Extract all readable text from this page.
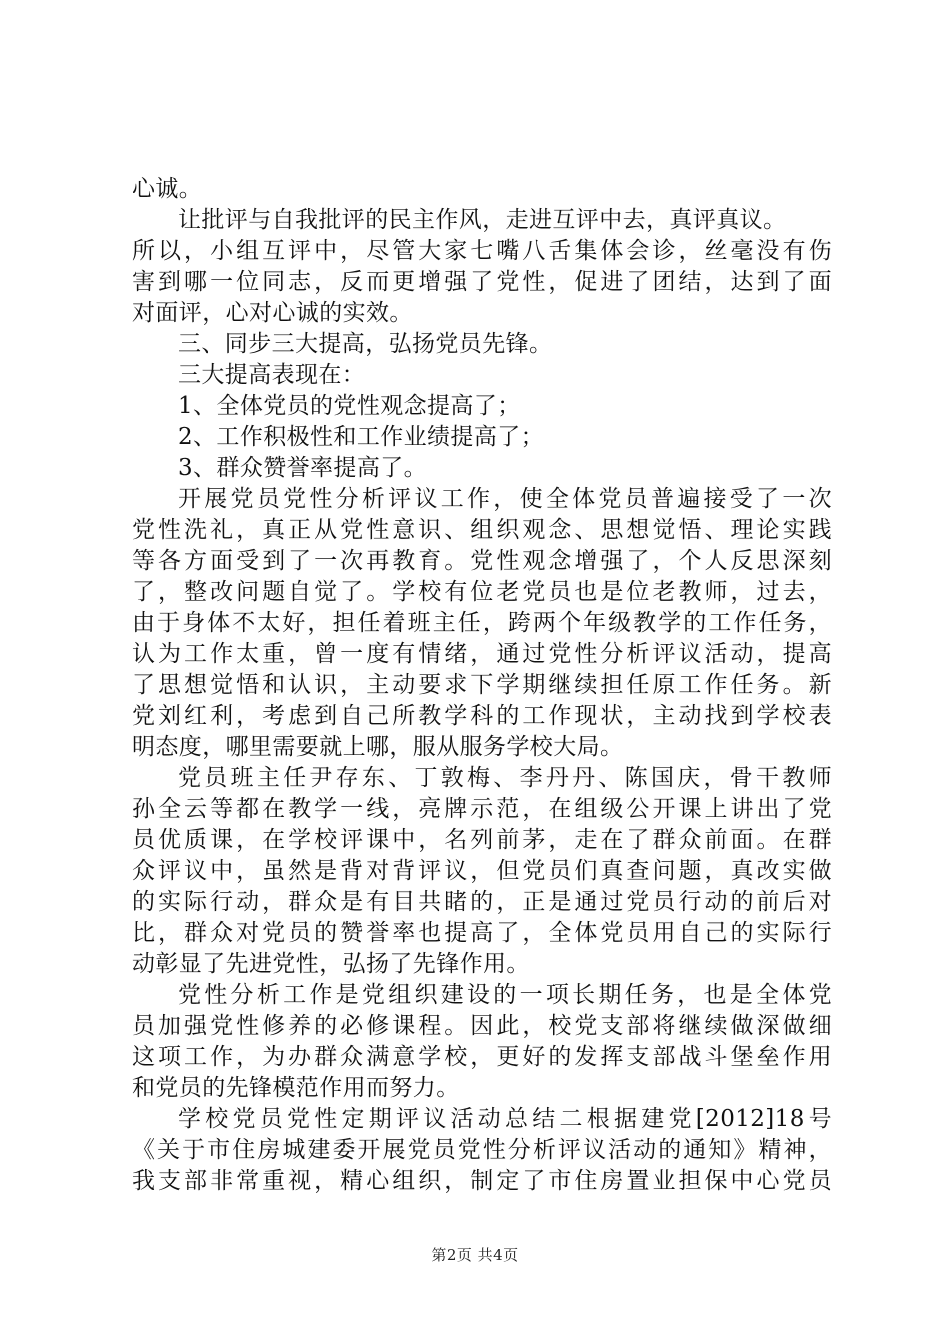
心诚。
让批评与自我批评的民主作风，走进互评中去，真评真议。
所以，小组互评中，尽管大家七嘴八舌集体会诊，丝毫没有伤
害到哪一位同志，反而更增强了党性，促进了团结，达到了面
对面评，心对心诚的实效。
三、同步三大提高，弘扬党员先锋。
三大提高表现在：
1、全体党员的党性观念提高了；
2、工作积极性和工作业绩提高了；
3、群众赞誉率提高了。
开展党员党性分析评议工作，使全体党员普遍接受了一次
党性洗礼，真正从党性意识、组织观念、思想觉悟、理论实践
等各方面受到了一次再教育。党性观念增强了，个人反思深刻
了，整改问题自觉了。学校有位老党员也是位老教师，过去，
由于身体不太好，担任着班主任，跨两个年级教学的工作任务，
认为工作太重，曾一度有情绪，通过党性分析评议活动，提高
了思想觉悟和认识，主动要求下学期继续担任原工作任务。新
党刘红利，考虑到自己所教学科的工作现状，主动找到学校表
明态度，哪里需要就上哪，服从服务学校大局。
党员班主任尹存东、丁敦梅、李丹丹、陈国庆，骨干教师
孙全云等都在教学一线，亮牌示范，在组级公开课上讲出了党
员优质课，在学校评课中，名列前茅，走在了群众前面。在群
众评议中，虽然是背对背评议，但党员们真查问题，真改实做
的实际行动，群众是有目共睹的，正是通过党员行动的前后对
比，群众对党员的赞誉率也提高了，全体党员用自己的实际行
动彰显了先进党性，弘扬了先锋作用。
党性分析工作是党组织建设的一项长期任务，也是全体党
员加强党性修养的必修课程。因此，校党支部将继续做深做细
这项工作，为办群众满意学校，更好的发挥支部战斗堡垒作用
和党员的先锋模范作用而努力。
学校党员党性定期评议活动总结二根据建党[2012]18号
《关于市住房城建委开展党员党性分析评议活动的通知》精神，
我支部非常重视，精心组织，制定了市住房置业担保中心党员
第2页 共4页
